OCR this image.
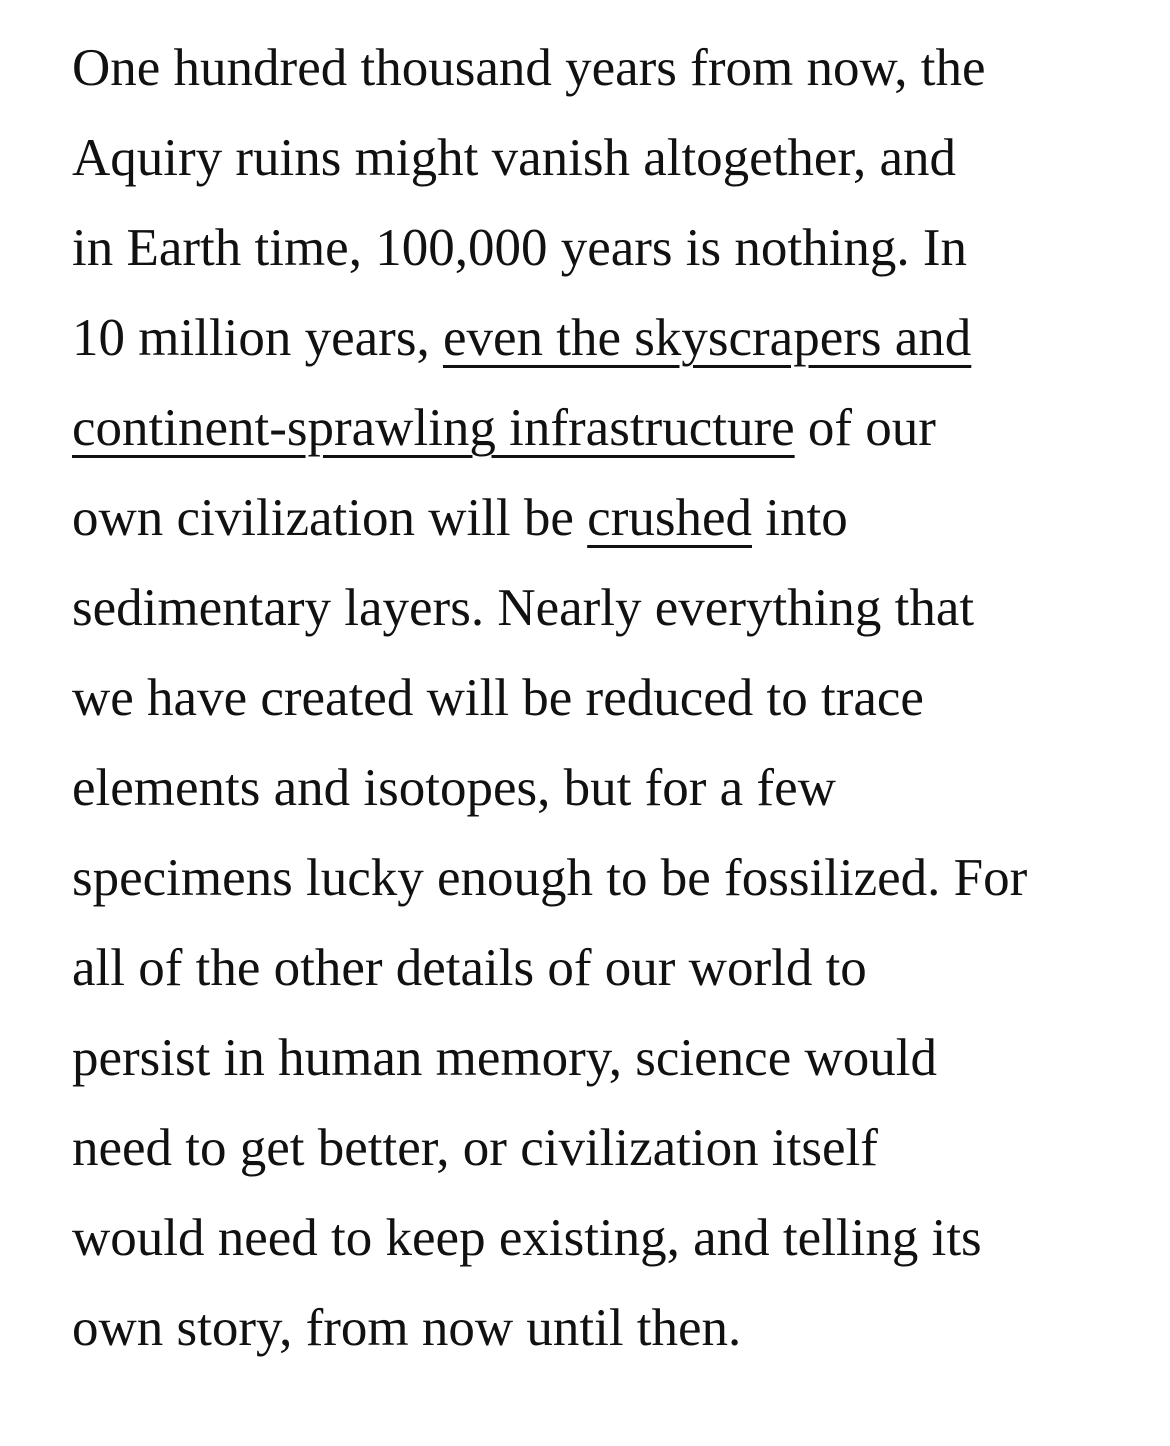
One hundred thousand years from now, the
Aquiry ruins might vanish altogether, and
in Earth time, 100,000 years is nothing. In
10 million years, even the skyscrapers and
continent-sprawling infrastructure of our
own civilization will be crushed into
sedimentary layers. Nearly everything that
we have created will be reduced to trace
elements and isotopes, but for a few
specimens lucky enough to be fossilized. For
all of the other details of our world to
persist in human memory, science would
need to get better, or civilization itself
would need to keep existing, and telling its
own story, from now until then.
